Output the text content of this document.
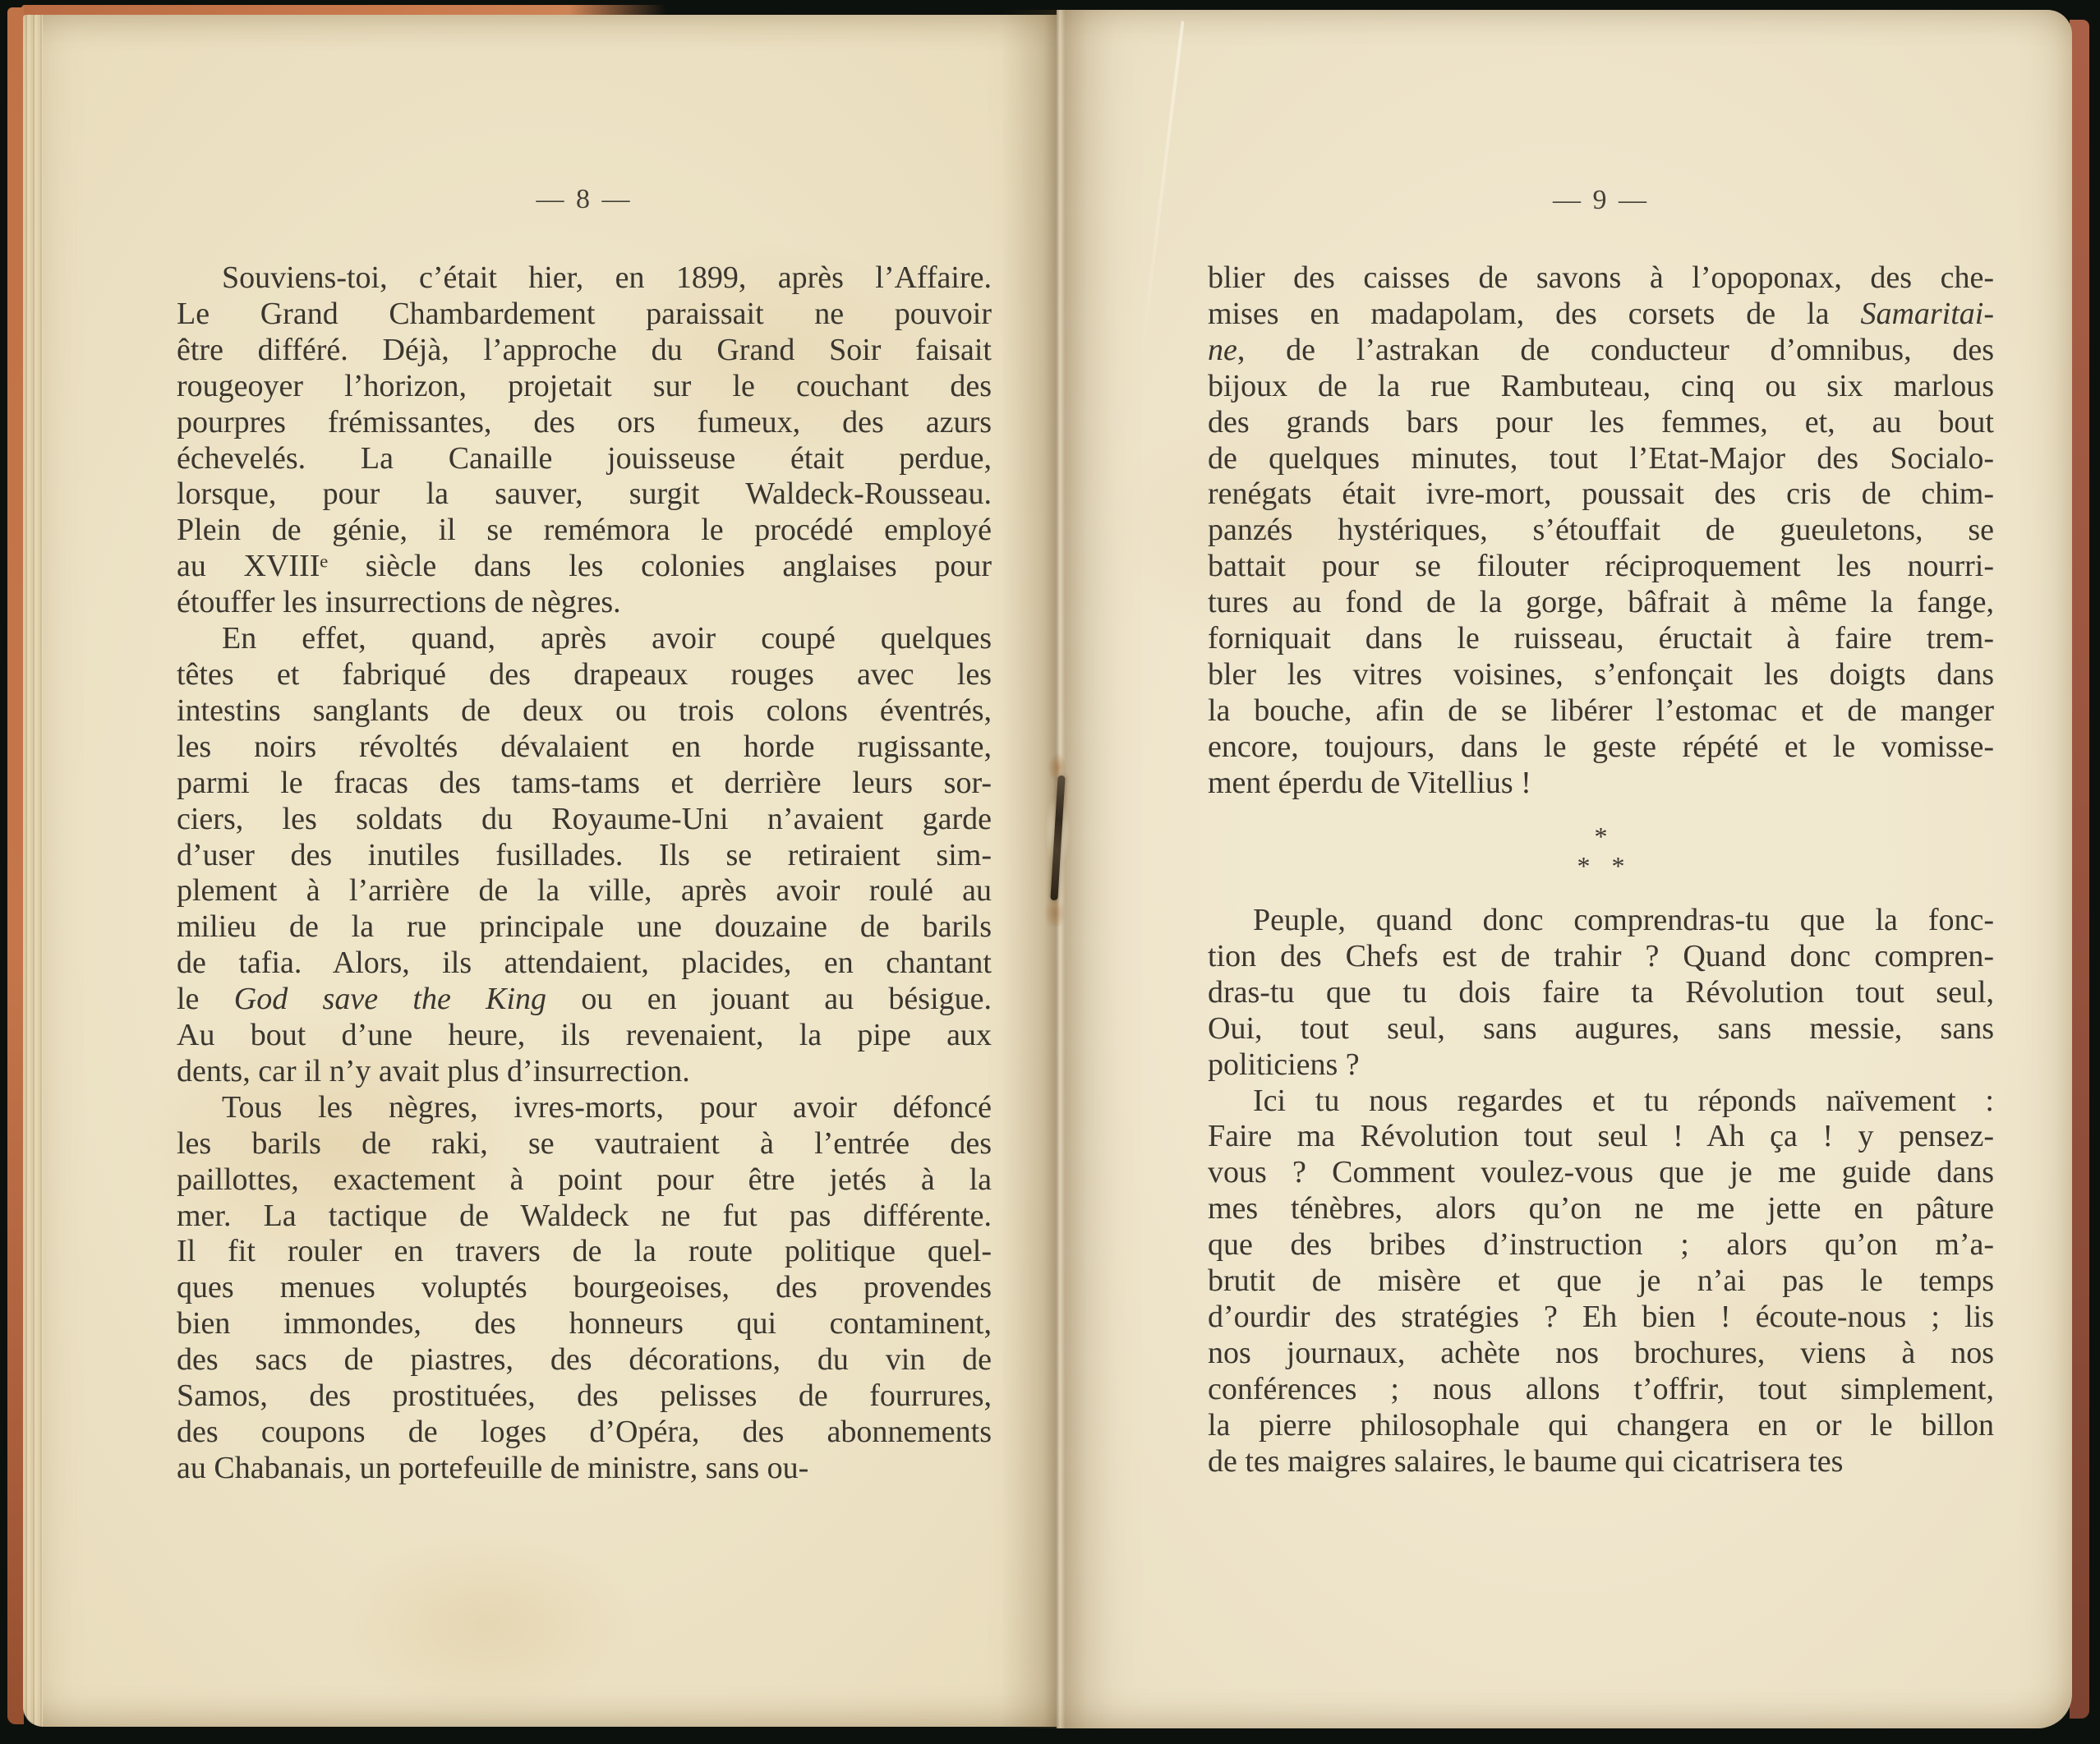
— 8 —
Souviens-toi, c’était hier, en 1899, après l’Affaire.
Le Grand Chambardement paraissait ne pouvoir
être différé. Déjà, l’approche du Grand Soir faisait
rougeoyer l’horizon, projetait sur le couchant des
pourpres frémissantes, des ors fumeux, des azurs
échevelés. La Canaille jouisseuse était perdue,
lorsque, pour la sauver, surgit Waldeck-Rousseau.
Plein de génie, il se remémora le procédé employé
au XVIIIᵉ siècle dans les colonies anglaises pour
étouffer les insurrections de nègres.
En effet, quand, après avoir coupé quelques
têtes et fabriqué des drapeaux rouges avec les
intestins sanglants de deux ou trois colons éventrés,
les noirs révoltés dévalaient en horde rugissante,
parmi le fracas des tams-tams et derrière leurs sor-
ciers, les soldats du Royaume-Uni n’avaient garde
d’user des inutiles fusillades. Ils se retiraient sim-
plement à l’arrière de la ville, après avoir roulé au
milieu de la rue principale une douzaine de barils
de tafia. Alors, ils attendaient, placides, en chantant
le God save the King ou en jouant au bésigue.
Au bout d’une heure, ils revenaient, la pipe aux
dents, car il n’y avait plus d’insurrection.
Tous les nègres, ivres-morts, pour avoir défoncé
les barils de raki, se vautraient à l’entrée des
paillottes, exactement à point pour être jetés à la
mer. La tactique de Waldeck ne fut pas différente.
Il fit rouler en travers de la route politique quel-
ques menues voluptés bourgeoises, des provendes
bien immondes, des honneurs qui contaminent,
des sacs de piastres, des décorations, du vin de
Samos, des prostituées, des pelisses de fourrures,
des coupons de loges d’Opéra, des abonnements
au Chabanais, un portefeuille de ministre, sans ou-
— 9 —
blier des caisses de savons à l’opoponax, des che-
mises en madapolam, des corsets de la Samaritai-
ne, de l’astrakan de conducteur d’omnibus, des
bijoux de la rue Rambuteau, cinq ou six marlous
des grands bars pour les femmes, et, au bout
de quelques minutes, tout l’Etat-Major des Socialo-
renégats était ivre-mort, poussait des cris de chim-
panzés hystériques, s’étouffait de gueuletons, se
battait pour se filouter réciproquement les nourri-
tures au fond de la gorge, bâfrait à même la fange,
forniquait dans le ruisseau, éructait à faire trem-
bler les vitres voisines, s’enfonçait les doigts dans
la bouche, afin de se libérer l’estomac et de manger
encore, toujours, dans le geste répété et le vomisse-
ment éperdu de Vitellius !
*
* *
Peuple, quand donc comprendras-tu que la fonc-
tion des Chefs est de trahir ? Quand donc compren-
dras-tu que tu dois faire ta Révolution tout seul,
Oui, tout seul, sans augures, sans messie, sans
politiciens ?
Ici tu nous regardes et tu réponds naïvement :
Faire ma Révolution tout seul ! Ah ça ! y pensez-
vous ? Comment voulez-vous que je me guide dans
mes ténèbres, alors qu’on ne me jette en pâture
que des bribes d’instruction ; alors qu’on m’a-
brutit de misère et que je n’ai pas le temps
d’ourdir des stratégies ? Eh bien ! écoute-nous ; lis
nos journaux, achète nos brochures, viens à nos
conférences ; nous allons t’offrir, tout simplement,
la pierre philosophale qui changera en or le billon
de tes maigres salaires, le baume qui cicatrisera tes
